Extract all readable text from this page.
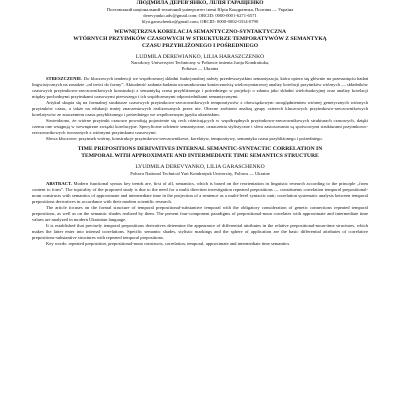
ЛЮДМИЛА ДЕРЕВ'ЯНКО, ЛІЛІЯ ГАРАЩЕНКО
Полтавський національний технічний університет імені Юрія Кондратюка, Полтава — Україна
derevyanko.adv@gmail.com; ORCID: 0000-0001-6271-6571
lilya.garaschenko@gmail.com; ORCID: 0000-0002-0314-0790
WEWNĘTRZNA KORELACJA SEMANTYCZNO-SYNTAKTYCZNA
WTÓRNYCH PRZYIMKÓW CZASOWYCH W STRUKTURZE TEMPORATYWÓW Z SEMANTYKĄ
CZASU PRZYBLIŻONEGO I POŚREDNIEGO
LUDMILA DEREWIANKO, LILIA HARASZCZENKO
Narodowy Uniwersytet Techniczny w Połtawie imienia Jurija Kondratiuka,
Połtawa — Ukraina

STRESZCZENIE. Do kluczowych tendencji we współczesnej składni funkcjonalnej należy przedewszystkim semantyzacja, która opiera się głównie na przesunięciu badań lingwistycznych na zasadzie „od treści do formy”. Aktualność zadania badania uwarunkowana koniecznością wielowymiarowej analizy korelacji przyimków wtórnych — składników czasowych przyimkowo-rzeczownikowych konstrukcji z semantyką czasu przybliżonego i pośredniego w projekcji o zdaniu jako składni wielofunkcyjnej oraz analizy korelacji między pochodnymi przyimkami czasowymi pierwszego i ich współczesnymi odpowiednikami semantycznymi.

Artykuł skupia się na formalnej strukturze czasowych przyimkowo-rzeczownikowych temporatywów z obowiązkowym uwzględnieniem wtórnej genetycznych wtórnych przyimków czasu, a także na edukacji mniej znaczeniowych realizowanych przez nie. Obecne zrobiono analizę grupy czterech kluczowych przyimkowo-rzeczownikowych korelatywów ze znaczeniem czasu przybliżonego i pośredniego we współczesnym języku ukraińskim.

Stwierdzono, że wtórne przyimki czasowe powodują pojawienie się cech różnicujących w współrzędnych przyimkowo-rzeczownikowych strukturach czasowych, dzięki czemu one wstępują w wewnętrzne związki korelacyjne. Specyficzne odcienie semantyczne, oznaczenia stylistyczne i sfera zastosowania są spoiwowymi strukturami przyimkowo-rzeczownikowych tworzonych z wtórnymi przyimkami czasowymi.

Słowa kluczowe: przyimek wtórny, konstrukcje przyimkowo-rzeczownikowe, korelatyw, temporatywy, semantyka czasu przybliżonego i pośredniego.

TIME PREPOSITIONS DERIVATIVES INTERNAL SEMANTIC-SYNTACTIC CORRELATION IN
TEMPORAL WITH APPROXIMATE AND INTERMEDIATE TIME SEMANTICS STRUCTURE
LYUDMILA DEREVYANKO, LILIA GARASCHENKO
Poltava National Technical Yuri Kondratyuk University, Poltava — Ukraine

ABSTRACT. Modern functional syntax key trends are, first of all, semantics, which is based on the reorientation in linguistic research according to the principle „from content to form”. The topicality of the proposed study is due to the need for a multi direction investigation repeated prepositions — constituents correlation temporal prepositional-noun constructs with semantics of approximate and intermediate time in the projection of a sentence as a multi-level syntactic unit; correlation systematic analysis between temporal prepositions derivatives in accordance with their modern scientific research.

The article focuses on the formal structure of temporal prepositional-substantive temporal with the obligatory consideration of genetic connections repeated temporal prepositions, as well as on the semantic shades realized by them. The present four-component paradigms of prepositional-noun correlates with approximate and intermediate time values are analyzed in modern Ukrainian language.

It is established that precisely temporal prepositions derivatives determine the appearance of differential attributes in the relative prepositional-noun-time structures, which makes the latter enter into internal correlations. Specific semantic shades, stylistic markings and the sphere of application are the basic differential attributes of correlative prepositions-substantive structures with repeated temporal prepositions.

Key words: repeated preposition, prepositional-noun constructs, correlation, temporal, approximate and intermediate time semantics.
